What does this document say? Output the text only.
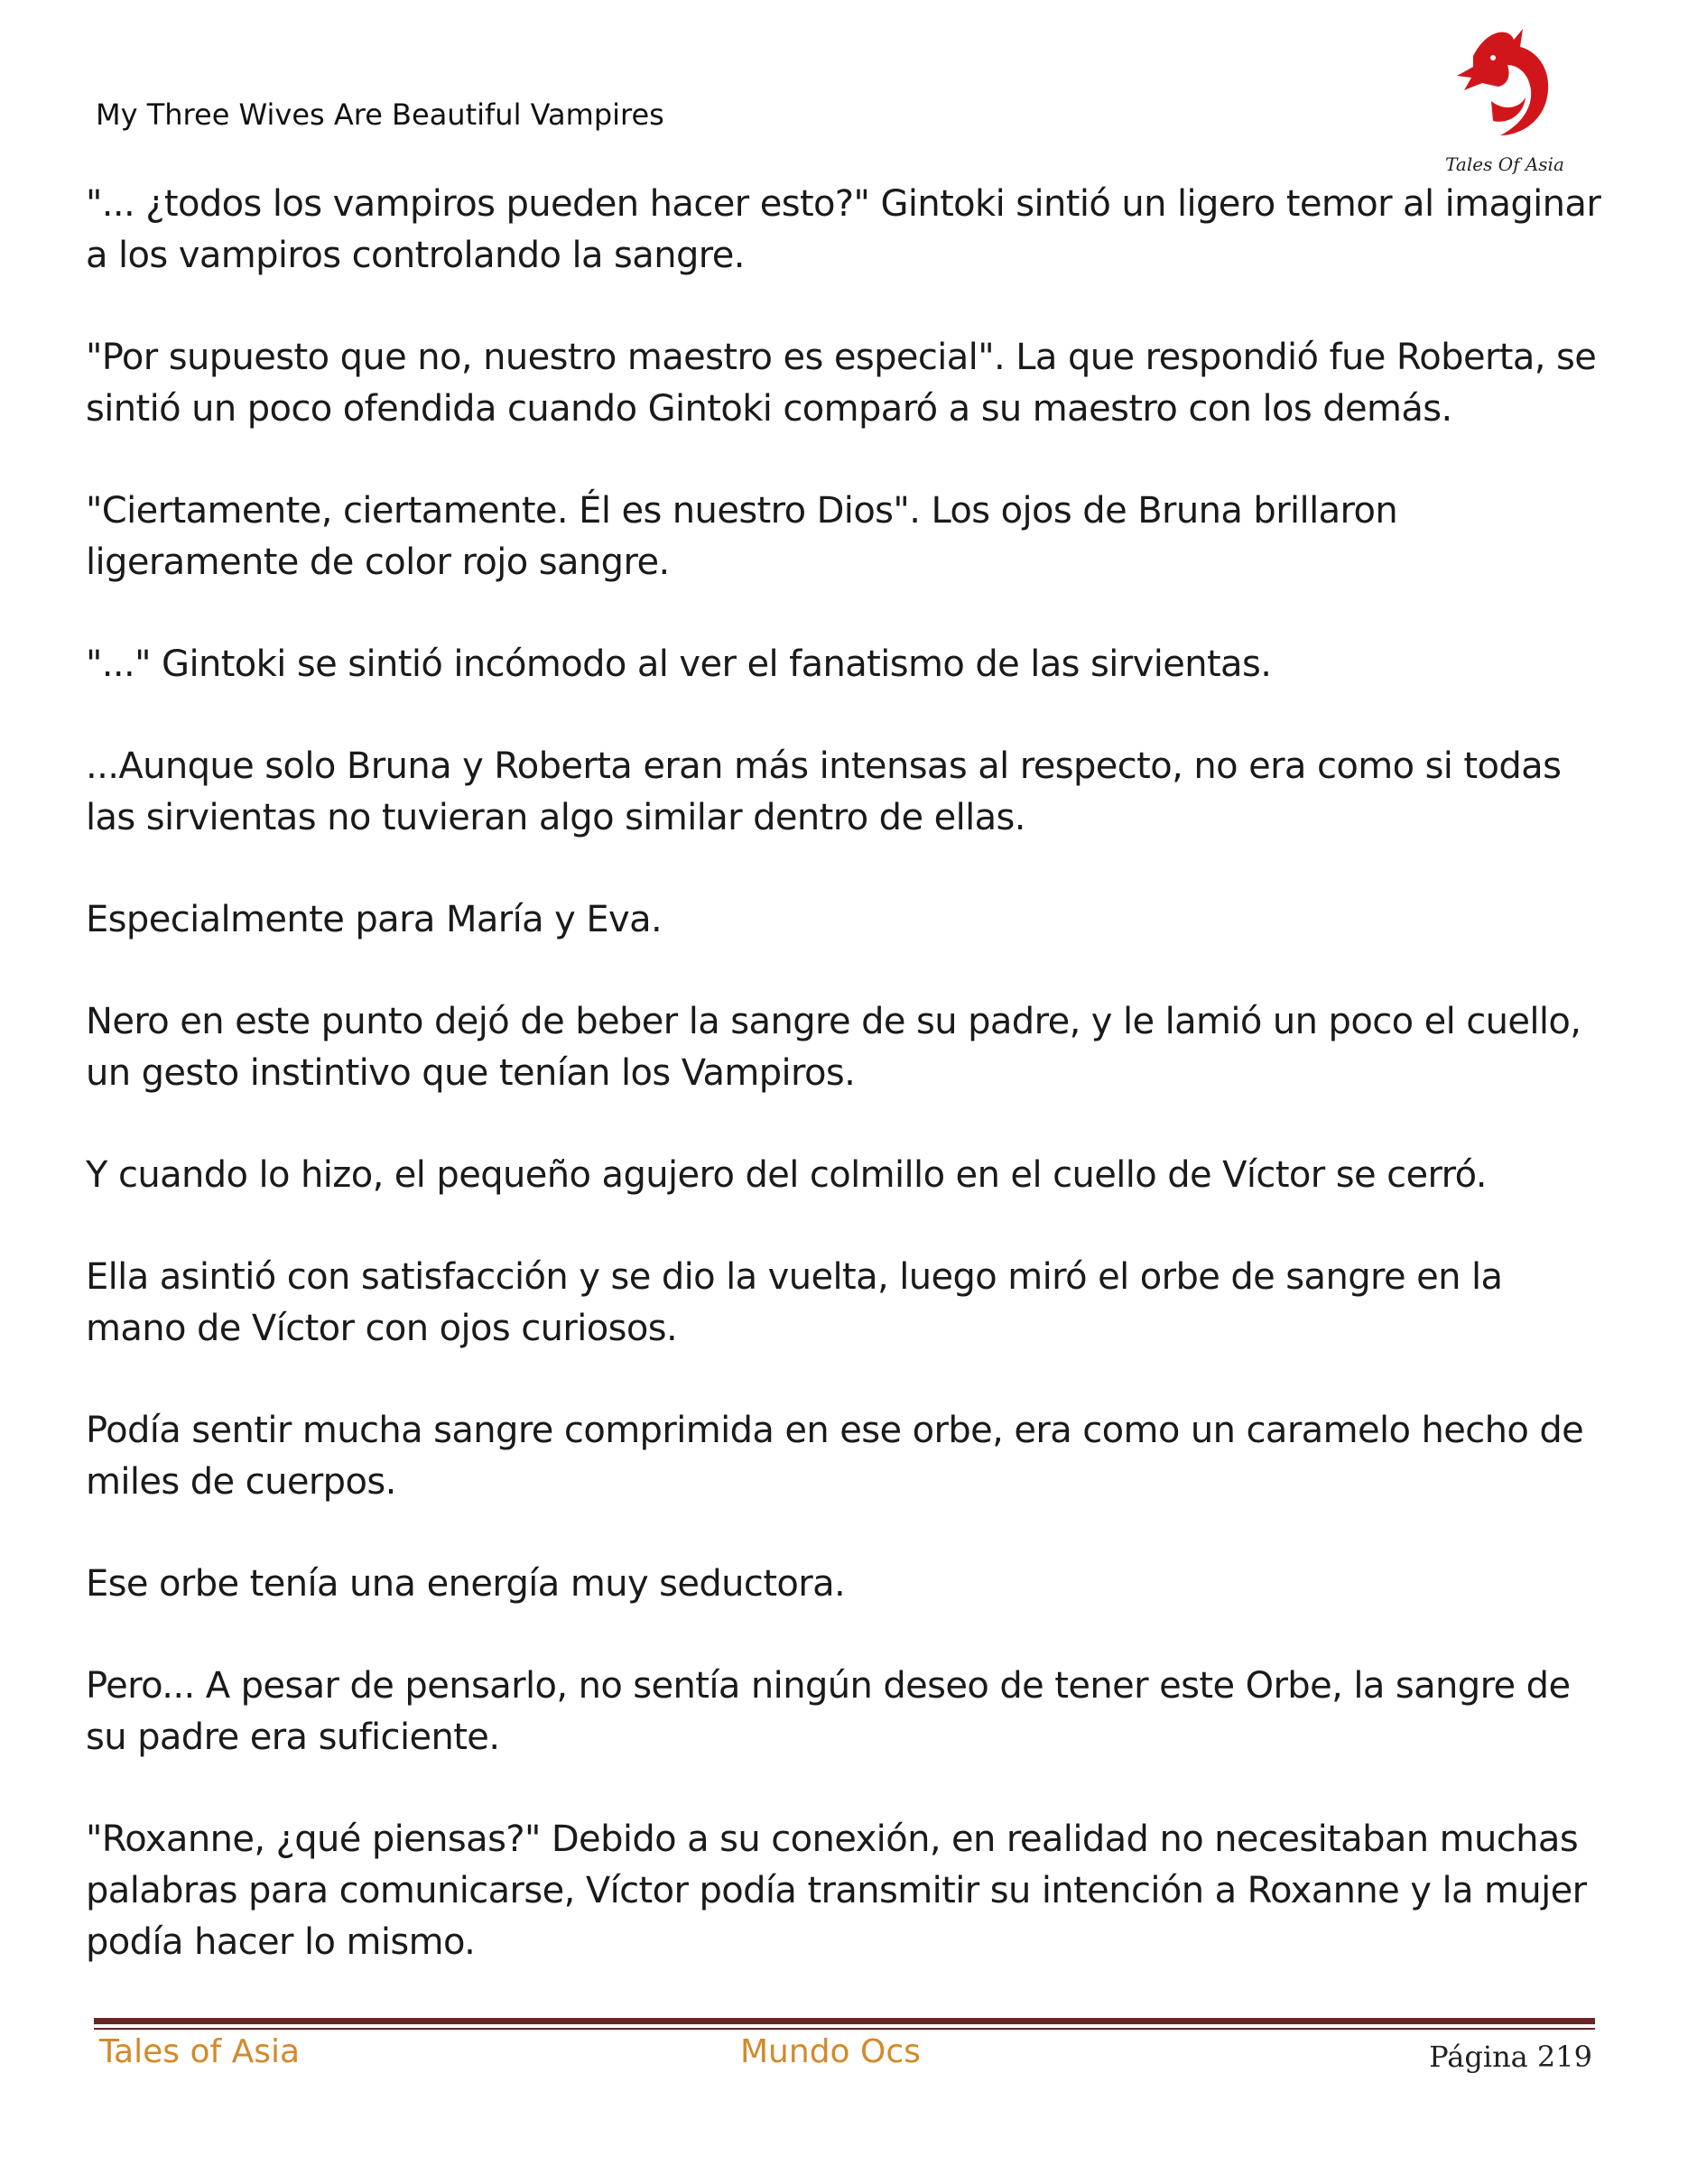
My Three Wives Are Beautiful Vampires
Tales Of Asia

"... ¿todos los vampiros pueden hacer esto?" Gintoki sintió un ligero temor al imaginar a los vampiros controlando la sangre.

"Por supuesto que no, nuestro maestro es especial". La que respondió fue Roberta, se sintió un poco ofendida cuando Gintoki comparó a su maestro con los demás.

"Ciertamente, ciertamente. Él es nuestro Dios". Los ojos de Bruna brillaron ligeramente de color rojo sangre.

"..." Gintoki se sintió incómodo al ver el fanatismo de las sirvientas.

...Aunque solo Bruna y Roberta eran más intensas al respecto, no era como si todas las sirvientas no tuvieran algo similar dentro de ellas.

Especialmente para María y Eva.

Nero en este punto dejó de beber la sangre de su padre, y le lamió un poco el cuello, un gesto instintivo que tenían los Vampiros.

Y cuando lo hizo, el pequeño agujero del colmillo en el cuello de Víctor se cerró.

Ella asintió con satisfacción y se dio la vuelta, luego miró el orbe de sangre en la mano de Víctor con ojos curiosos.

Podía sentir mucha sangre comprimida en ese orbe, era como un caramelo hecho de miles de cuerpos.

Ese orbe tenía una energía muy seductora.

Pero... A pesar de pensarlo, no sentía ningún deseo de tener este Orbe, la sangre de su padre era suficiente.

"Roxanne, ¿qué piensas?" Debido a su conexión, en realidad no necesitaban muchas palabras para comunicarse, Víctor podía transmitir su intención a Roxanne y la mujer podía hacer lo mismo.

Tales of Asia	Mundo Ocs	Página 219
